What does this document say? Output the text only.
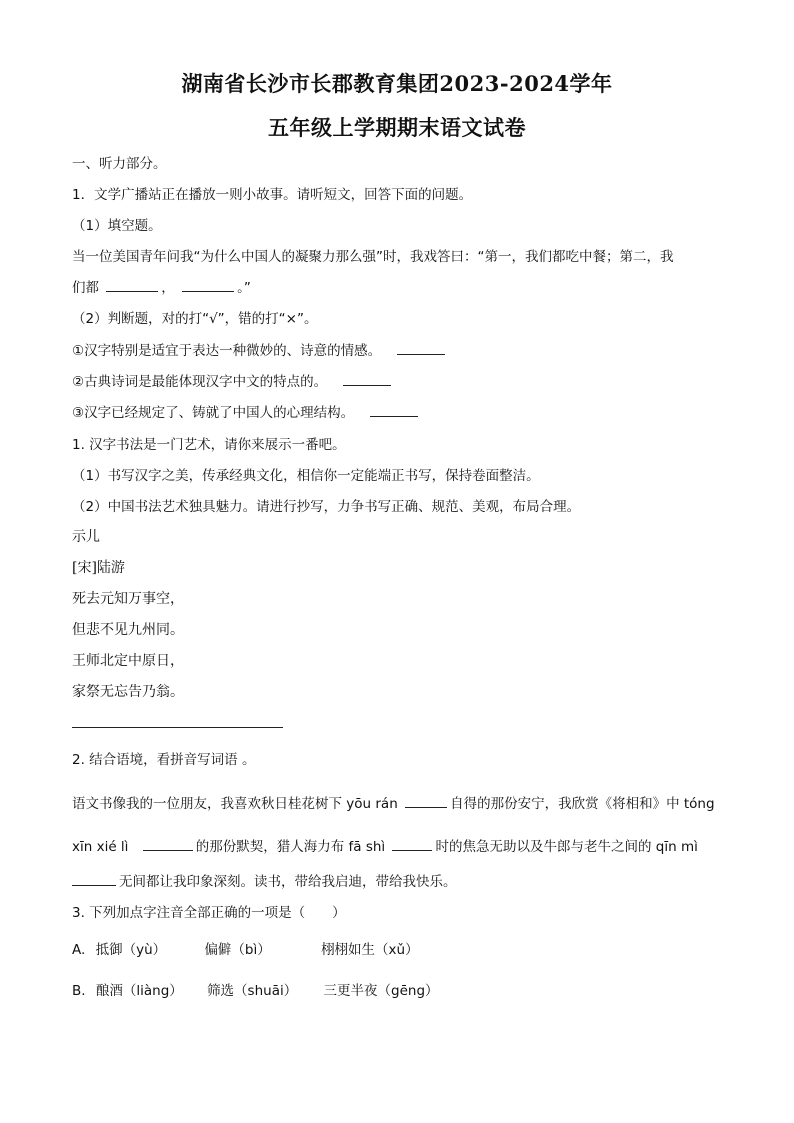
湖南省长沙市长郡教育集团2023-2024学年
五年级上学期期末语文试卷
一、听力部分。
1．文学广播站正在播放一则小故事。请听短文，回答下面的问题。
（1）填空题。
当一位美国青年问我“为什么中国人的凝聚力那么强”时，我戏答曰：“第一，我们都吃中餐；第二，我
们都	，	。”
（2）判断题，对的打“√”，错的打“×”。
①汉字特别是适宜于表达一种微妙的、诗意的情感。
②古典诗词是最能体现汉字中文的特点的。
③汉字已经规定了、铸就了中国人的心理结构。
1. 汉字书法是一门艺术，请你来展示一番吧。
（1）书写汉字之美，传承经典文化，相信你一定能端正书写，保持卷面整洁。
（2）中国书法艺术独具魅力。请进行抄写，力争书写正确、规范、美观，布局合理。
示儿
[宋]陆游
死去元知万事空，
但悲不见九州同。
王师北定中原日，
家祭无忘告乃翁。
2. 结合语境，看拼音写词语 。
语文书像我的一位朋友，我喜欢秋日桂花树下 yōu rán	自得的那份安宁，我欣赏《将相和》中 tóng
xīn xié lì	的那份默契，猎人海力布 fā shì	时的焦急无助以及牛郎与老牛之间的 qīn mì
无间都让我印象深刻。读书，带给我启迪，带给我快乐。
3. 下列加点字注音全部正确的一项是（　　）
A. 抵御（yù）	偏僻（bì）	栩栩如生（xǔ）
B. 酿酒（liàng） 筛选（shuāi） 三更半夜（gēng）
